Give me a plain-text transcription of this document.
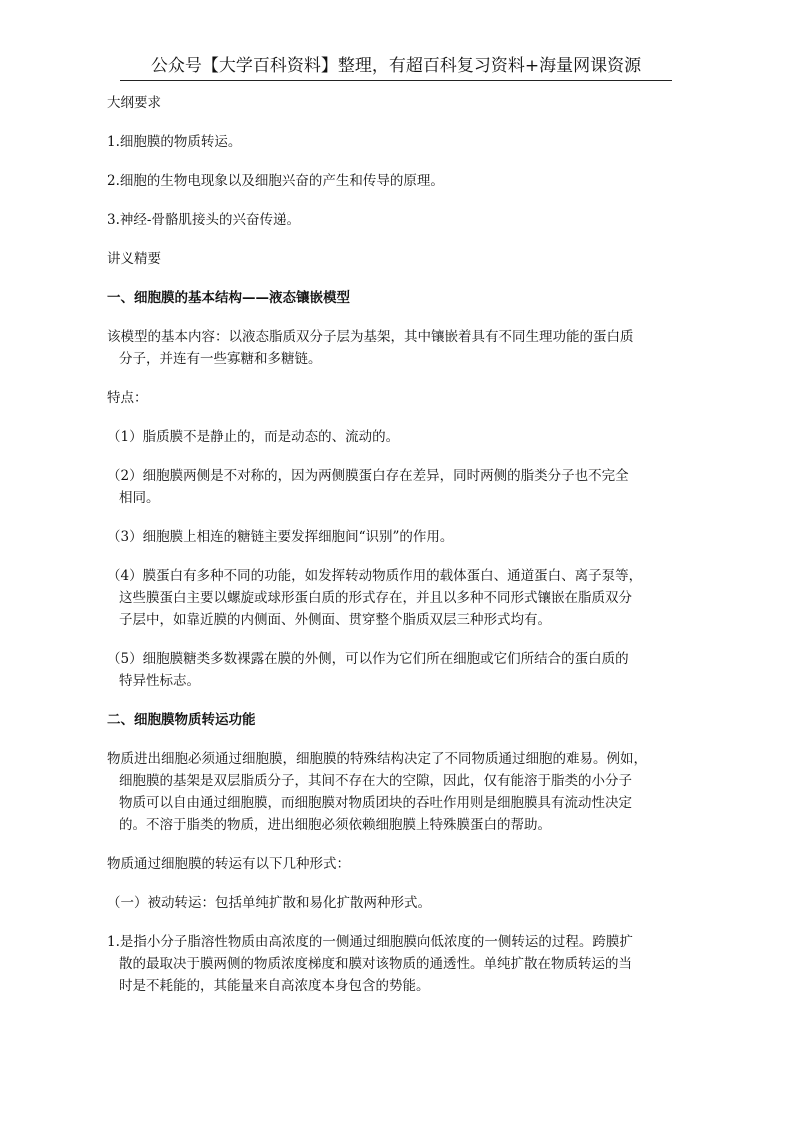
公众号【大学百科资料】整理，有超百科复习资料+海量网课资源
大纲要求
1.细胞膜的物质转运。
2.细胞的生物电现象以及细胞兴奋的产生和传导的原理。
3.神经-骨骼肌接头的兴奋传递。
讲义精要
一、细胞膜的基本结构——液态镶嵌模型
该模型的基本内容：以液态脂质双分子层为基架，其中镶嵌着具有不同生理功能的蛋白质
分子，并连有一些寡糖和多糖链。
特点：
（1）脂质膜不是静止的，而是动态的、流动的。
（2）细胞膜两侧是不对称的，因为两侧膜蛋白存在差异，同时两侧的脂类分子也不完全
相同。
（3）细胞膜上相连的糖链主要发挥细胞间“识别”的作用。
（4）膜蛋白有多种不同的功能，如发挥转动物质作用的载体蛋白、通道蛋白、离子泵等，
这些膜蛋白主要以螺旋或球形蛋白质的形式存在，并且以多种不同形式镶嵌在脂质双分
子层中，如靠近膜的内侧面、外侧面、贯穿整个脂质双层三种形式均有。
（5）细胞膜糖类多数裸露在膜的外侧，可以作为它们所在细胞或它们所结合的蛋白质的
特异性标志。
二、细胞膜物质转运功能
物质进出细胞必须通过细胞膜，细胞膜的特殊结构决定了不同物质通过细胞的难易。例如，
细胞膜的基架是双层脂质分子，其间不存在大的空隙，因此，仅有能溶于脂类的小分子
物质可以自由通过细胞膜，而细胞膜对物质团块的吞吐作用则是细胞膜具有流动性决定
的。不溶于脂类的物质，进出细胞必须依赖细胞膜上特殊膜蛋白的帮助。
物质通过细胞膜的转运有以下几种形式：
（一）被动转运：包括单纯扩散和易化扩散两种形式。
1.是指小分子脂溶性物质由高浓度的一侧通过细胞膜向低浓度的一侧转运的过程。跨膜扩
散的最取决于膜两侧的物质浓度梯度和膜对该物质的通透性。单纯扩散在物质转运的当
时是不耗能的，其能量来自高浓度本身包含的势能。
